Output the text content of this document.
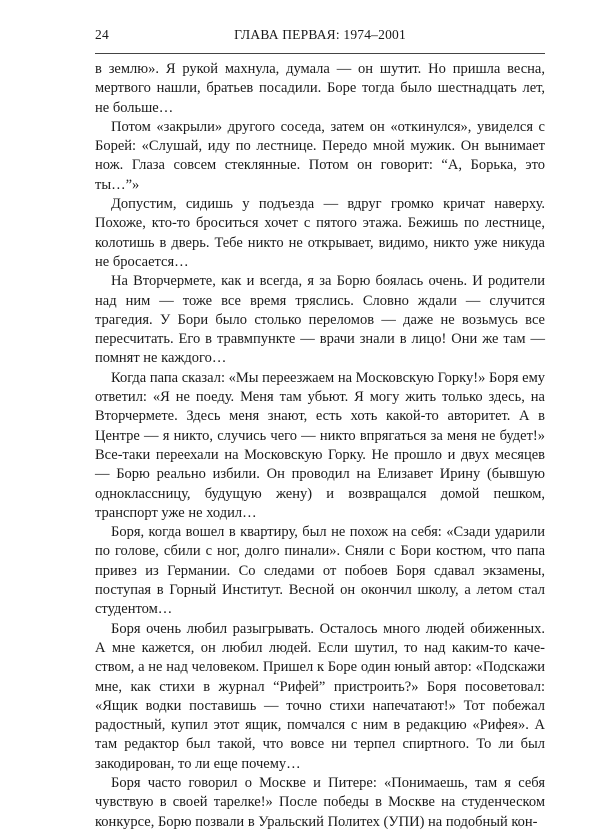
24	ГЛАВА ПЕРВАЯ: 1974–2001

в землю». Я рукой махнула, думала — он шутит. Но пришла весна, мертвого нашли, братьев посадили. Боре тогда было шестнадцать лет, не больше…

Потом «закрыли» другого соседа, затем он «откинулся», увиделся с Борей: «Слушай, иду по лестнице. Передо мной мужик. Он вынимает нож. Глаза совсем стеклянные. Потом он говорит: “А, Борька, это ты…”»

Допустим, сидишь у подъезда — вдруг громко кричат наверху. Похоже, кто-то броситься хочет с пятого этажа. Бежишь по лестнице, колотишь в дверь. Тебе никто не открывает, видимо, никто уже никуда не бросается…

На Вторчермете, как и всегда, я за Борю боялась очень. И родители над ним — тоже все время тряслись. Словно ждали — случится трагедия. У Бори было столько переломов — даже не возьмусь все пересчитать. Его в травмпункте — врачи знали в лицо! Они же там — помнят не каждого…

Когда папа сказал: «Мы переезжаем на Московскую Горку!» Боря ему ответил: «Я не поеду. Меня там убьют. Я могу жить только здесь, на Вторчермете. Здесь меня знают, есть хоть какой-то авторитет. А в Центре — я никто, случись чего — никто впрягаться за меня не будет!» Все-таки переехали на Московскую Горку. Не прошло и двух месяцев — Борю реально избили. Он проводил на Елизавет Ирину (бывшую одноклассницу, будущую жену) и возвращался домой пешком, транспорт уже не ходил…

Боря, когда вошел в квартиру, был не похож на себя: «Сзади ударили по голове, сбили с ног, долго пинали». Сняли с Бори костюм, что папа привез из Германии. Со следами от побоев Боря сдавал экзамены, поступая в Горный Институт. Весной он окончил школу, а летом стал студентом…

Боря очень любил разыгрывать. Осталось много людей обиженных. А мне кажется, он любил людей. Если шутил, то над каким-то качеством, а не над человеком. Пришел к Боре один юный автор: «Подскажи мне, как стихи в журнал “Рифей” пристроить?» Боря посоветовал: «Ящик водки поставишь — точно стихи напечатают!» Тот побежал радостный, купил этот ящик, помчался с ним в редакцию «Рифея». А там редактор был такой, что вовсе ни терпел спиртного. То ли был закодирован, то ли еще почему…

Боря часто говорил о Москве и Питере: «Понимаешь, там я себя чувствую в своей тарелке!» После победы в Москве на студенческом конкурсе, Борю позвали в Уральский Политех (УПИ) на подобный кон-
